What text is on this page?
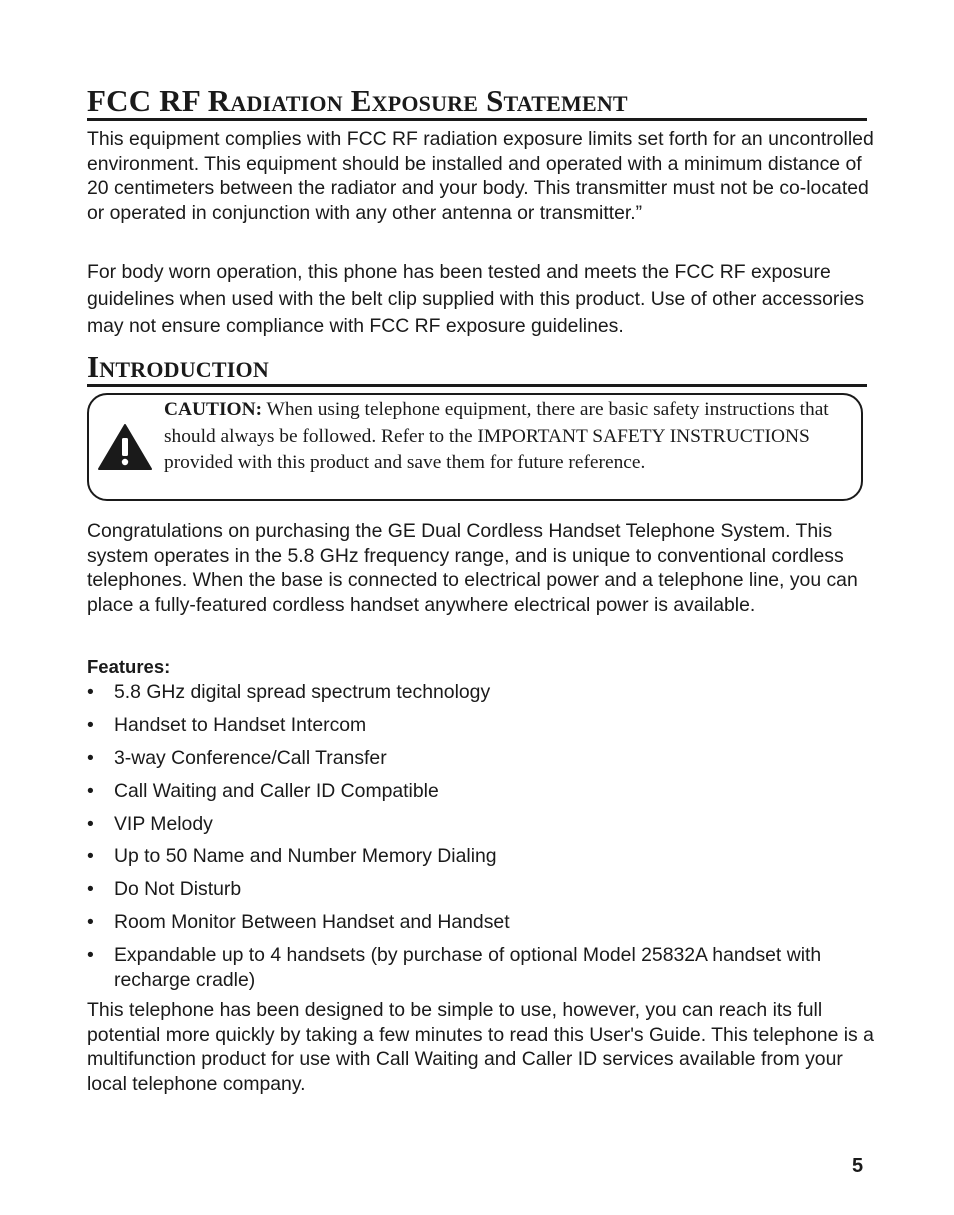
FCC RF Radiation Exposure Statement

This equipment complies with FCC RF radiation exposure limits set forth for an uncontrolled environment. This equipment should be installed and operated with a minimum distance of 20 centimeters between the radiator and your body. This transmitter must not be co-located or operated in conjunction with any other antenna or transmitter.”

For body worn operation, this phone has been tested and meets the FCC RF exposure guidelines when used with the belt clip supplied with this product. Use of other accessories may not ensure compliance with FCC RF exposure guidelines.

Introduction
CAUTION: When using telephone equipment, there are basic safety instructions that should always be followed. Refer to the IMPORTANT SAFETY INSTRUCTIONS provided with this product and save them for future reference.

Congratulations on purchasing the GE Dual Cordless Handset Telephone System. This system operates in the 5.8 GHz frequency range, and is unique to conventional cordless telephones. When the base is connected to electrical power and a telephone line, you can place a fully-featured cordless handset anywhere electrical power is available.

Features:
• 5.8 GHz digital spread spectrum technology
• Handset to Handset Intercom
• 3-way Conference/Call Transfer
• Call Waiting and Caller ID Compatible
• VIP Melody
• Up to 50 Name and Number Memory Dialing
• Do Not Disturb
• Room Monitor Between Handset and Handset
• Expandable up to 4 handsets (by purchase of optional Model 25832A handset with recharge cradle)

This telephone has been designed to be simple to use, however, you can reach its full potential more quickly by taking a few minutes to read this User's Guide. This telephone is a multifunction product for use with Call Waiting and Caller ID services available from your local telephone company.

5
